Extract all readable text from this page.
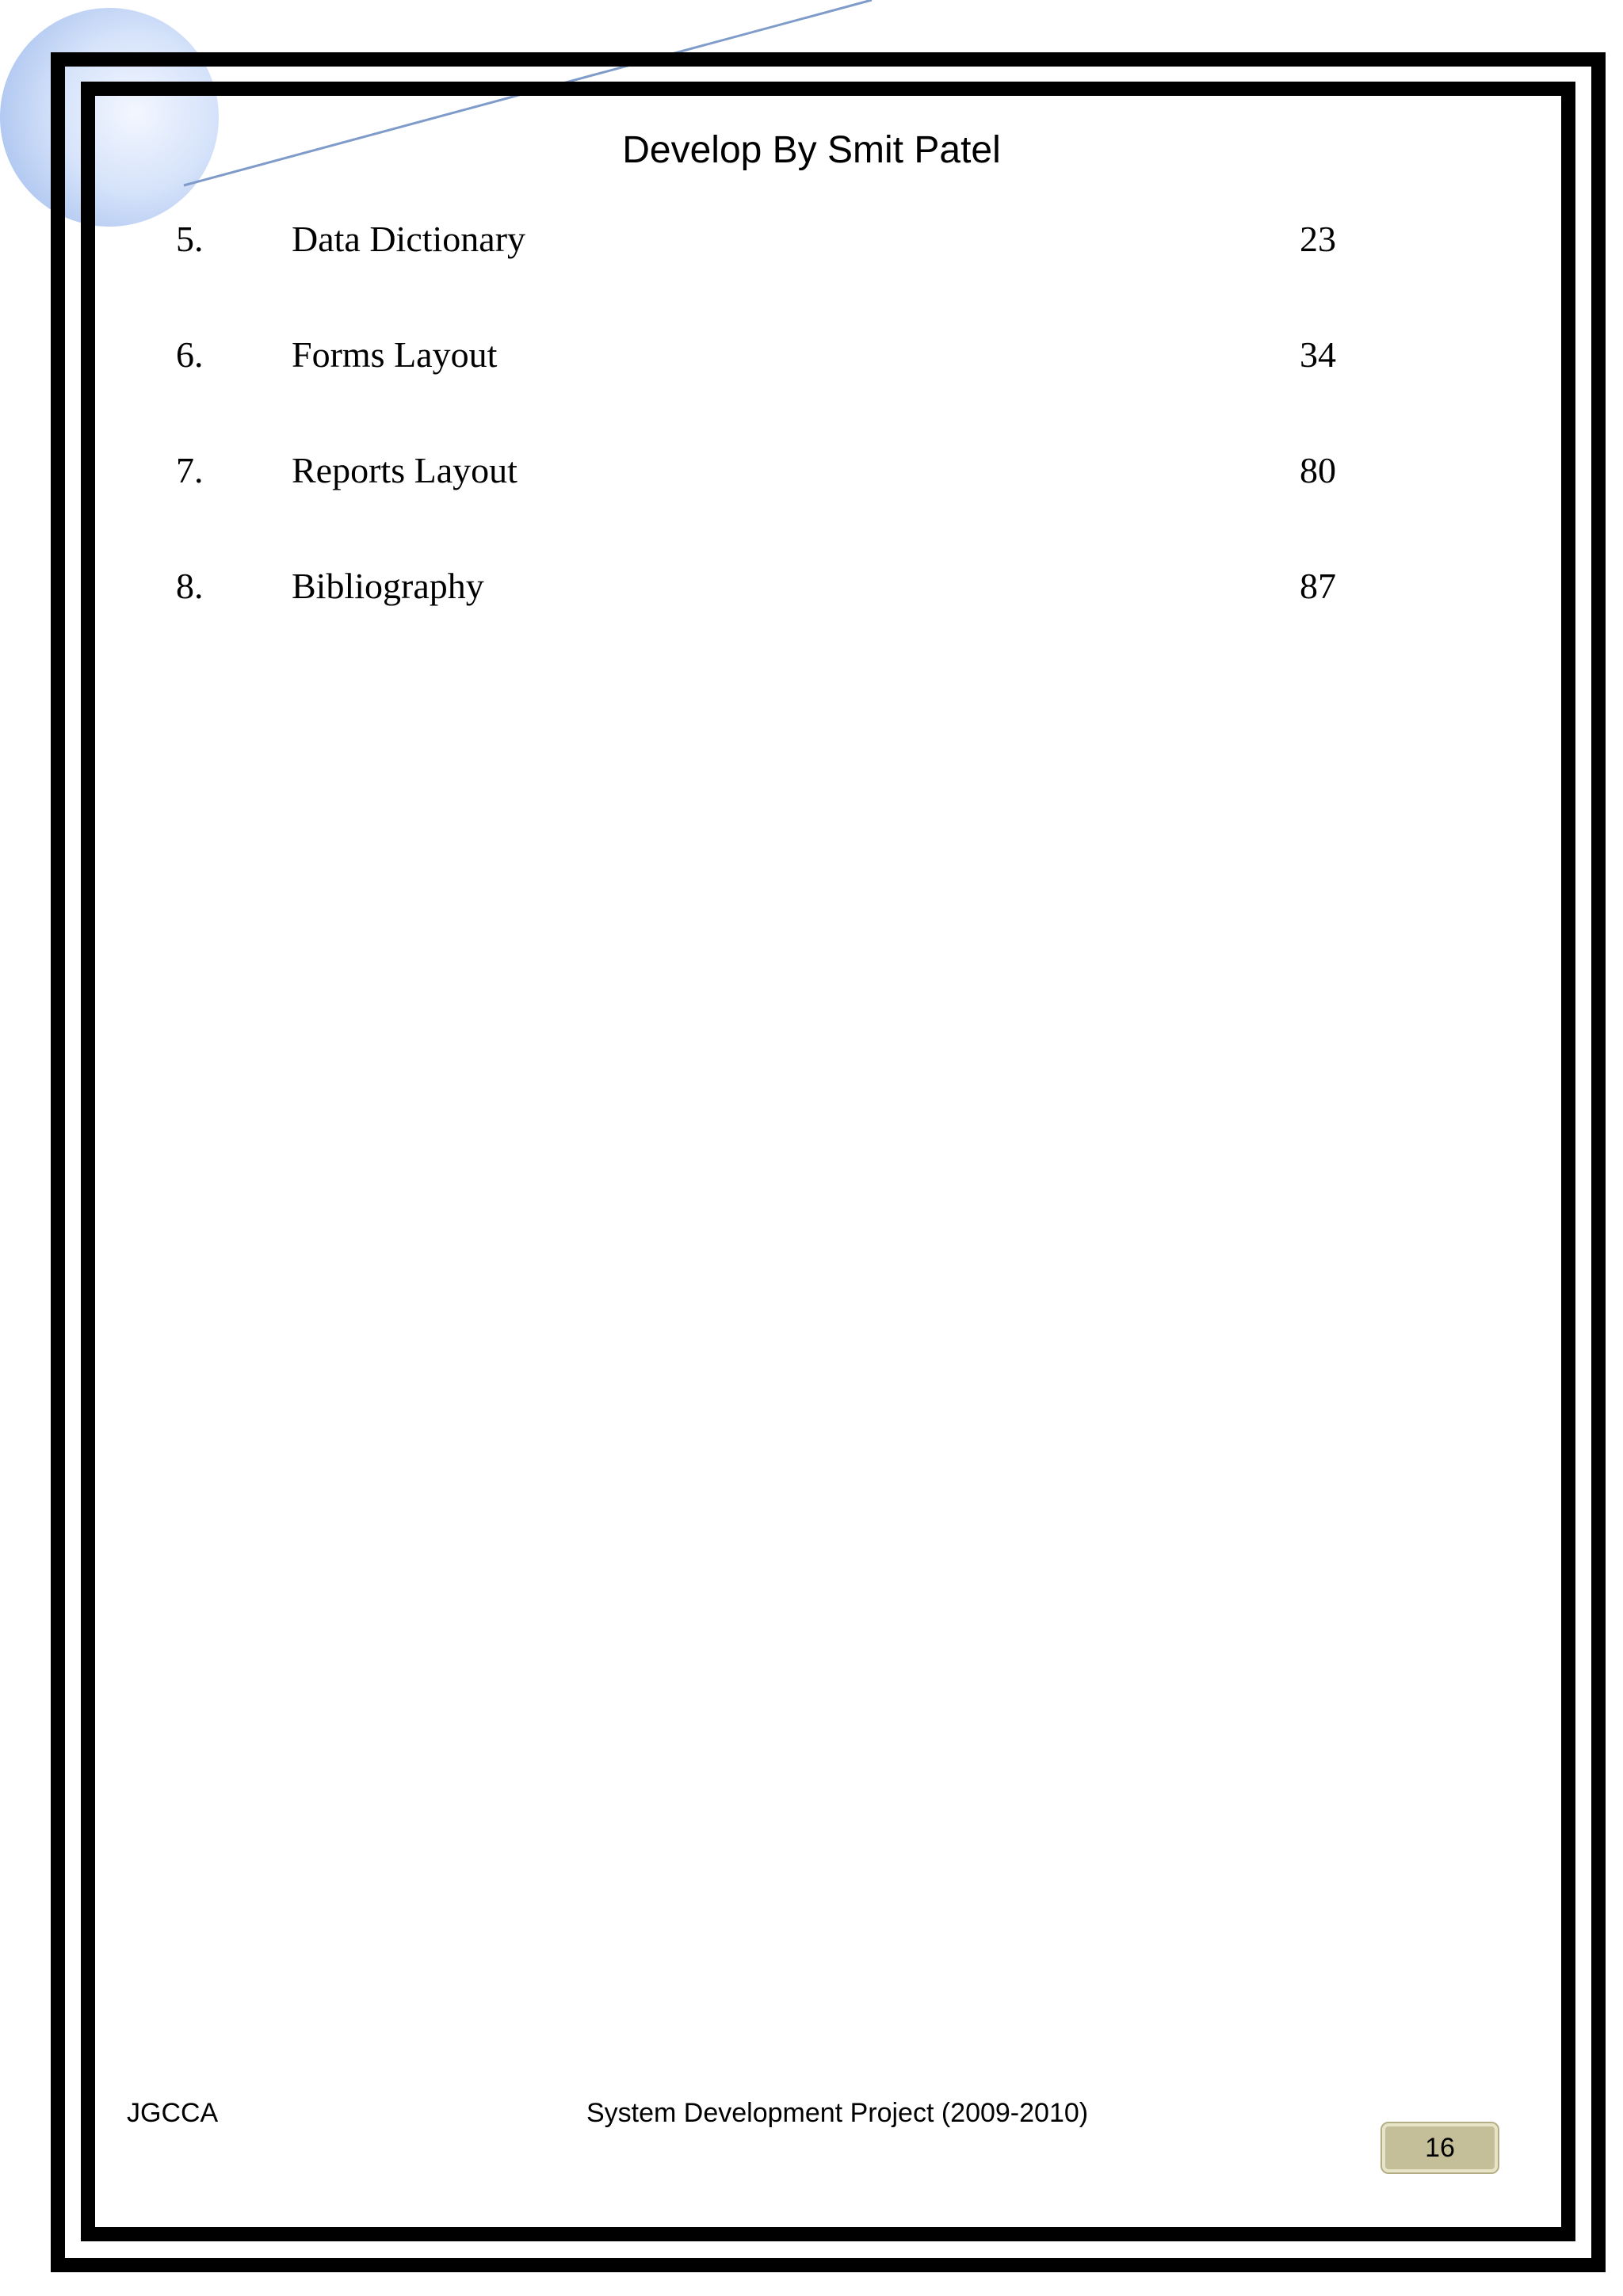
Develop By Smit Patel
5. Data Dictionary	23
6. Forms Layout	34
7. Reports Layout	80
8. Bibliography	87
JGCCA	System Development Project (2009-2010)
16
